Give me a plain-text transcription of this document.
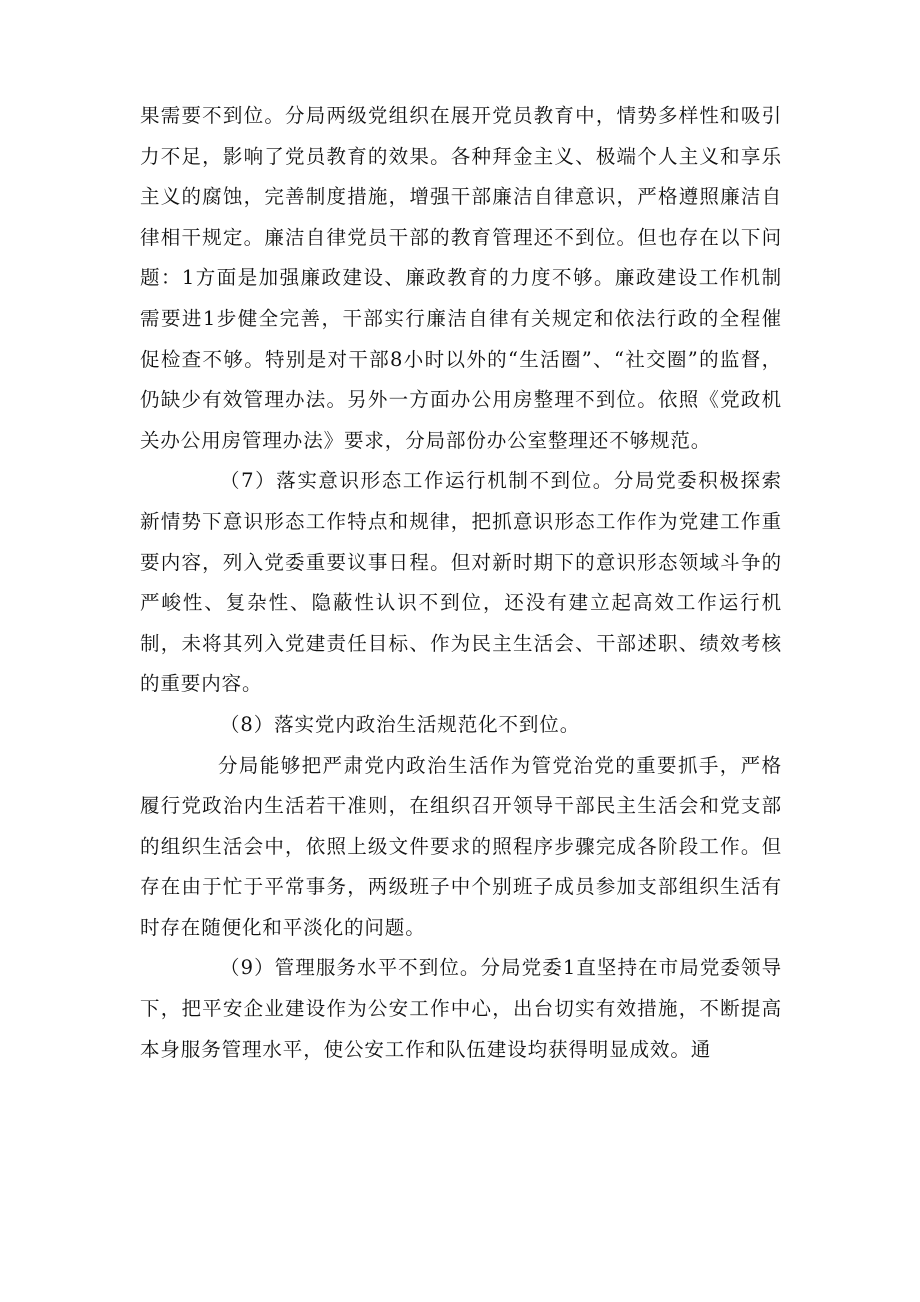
果需要不到位。分局两级党组织在展开党员教育中，情势多样性和吸引力不足，影响了党员教育的效果。各种拜金主义、极端个人主义和享乐主义的腐蚀，完善制度措施，增强干部廉洁自律意识，严格遵照廉洁自律相干规定。廉洁自律党员干部的教育管理还不到位。但也存在以下问题：1方面是加强廉政建设、廉政教育的力度不够。廉政建设工作机制需要进1步健全完善，干部实行廉洁自律有关规定和依法行政的全程催促检查不够。特别是对干部8小时以外的“生活圈”、“社交圈”的监督，仍缺少有效管理办法。另外一方面办公用房整理不到位。依照《党政机关办公用房管理办法》要求，分局部份办公室整理还不够规范。

（7）落实意识形态工作运行机制不到位。分局党委积极探索新情势下意识形态工作特点和规律，把抓意识形态工作作为党建工作重要内容，列入党委重要议事日程。但对新时期下的意识形态领域斗争的严峻性、复杂性、隐蔽性认识不到位，还没有建立起高效工作运行机制，未将其列入党建责任目标、作为民主生活会、干部述职、绩效考核的重要内容。

（8）落实党内政治生活规范化不到位。

分局能够把严肃党内政治生活作为管党治党的重要抓手，严格履行党政治内生活若干准则，在组织召开领导干部民主生活会和党支部的组织生活会中，依照上级文件要求的照程序步骤完成各阶段工作。但存在由于忙于平常事务，两级班子中个别班子成员参加支部组织生活有时存在随便化和平淡化的问题。

（9）管理服务水平不到位。分局党委1直坚持在市局党委领导下，把平安企业建设作为公安工作中心，出台切实有效措施，不断提高本身服务管理水平，使公安工作和队伍建设均获得明显成效。通
